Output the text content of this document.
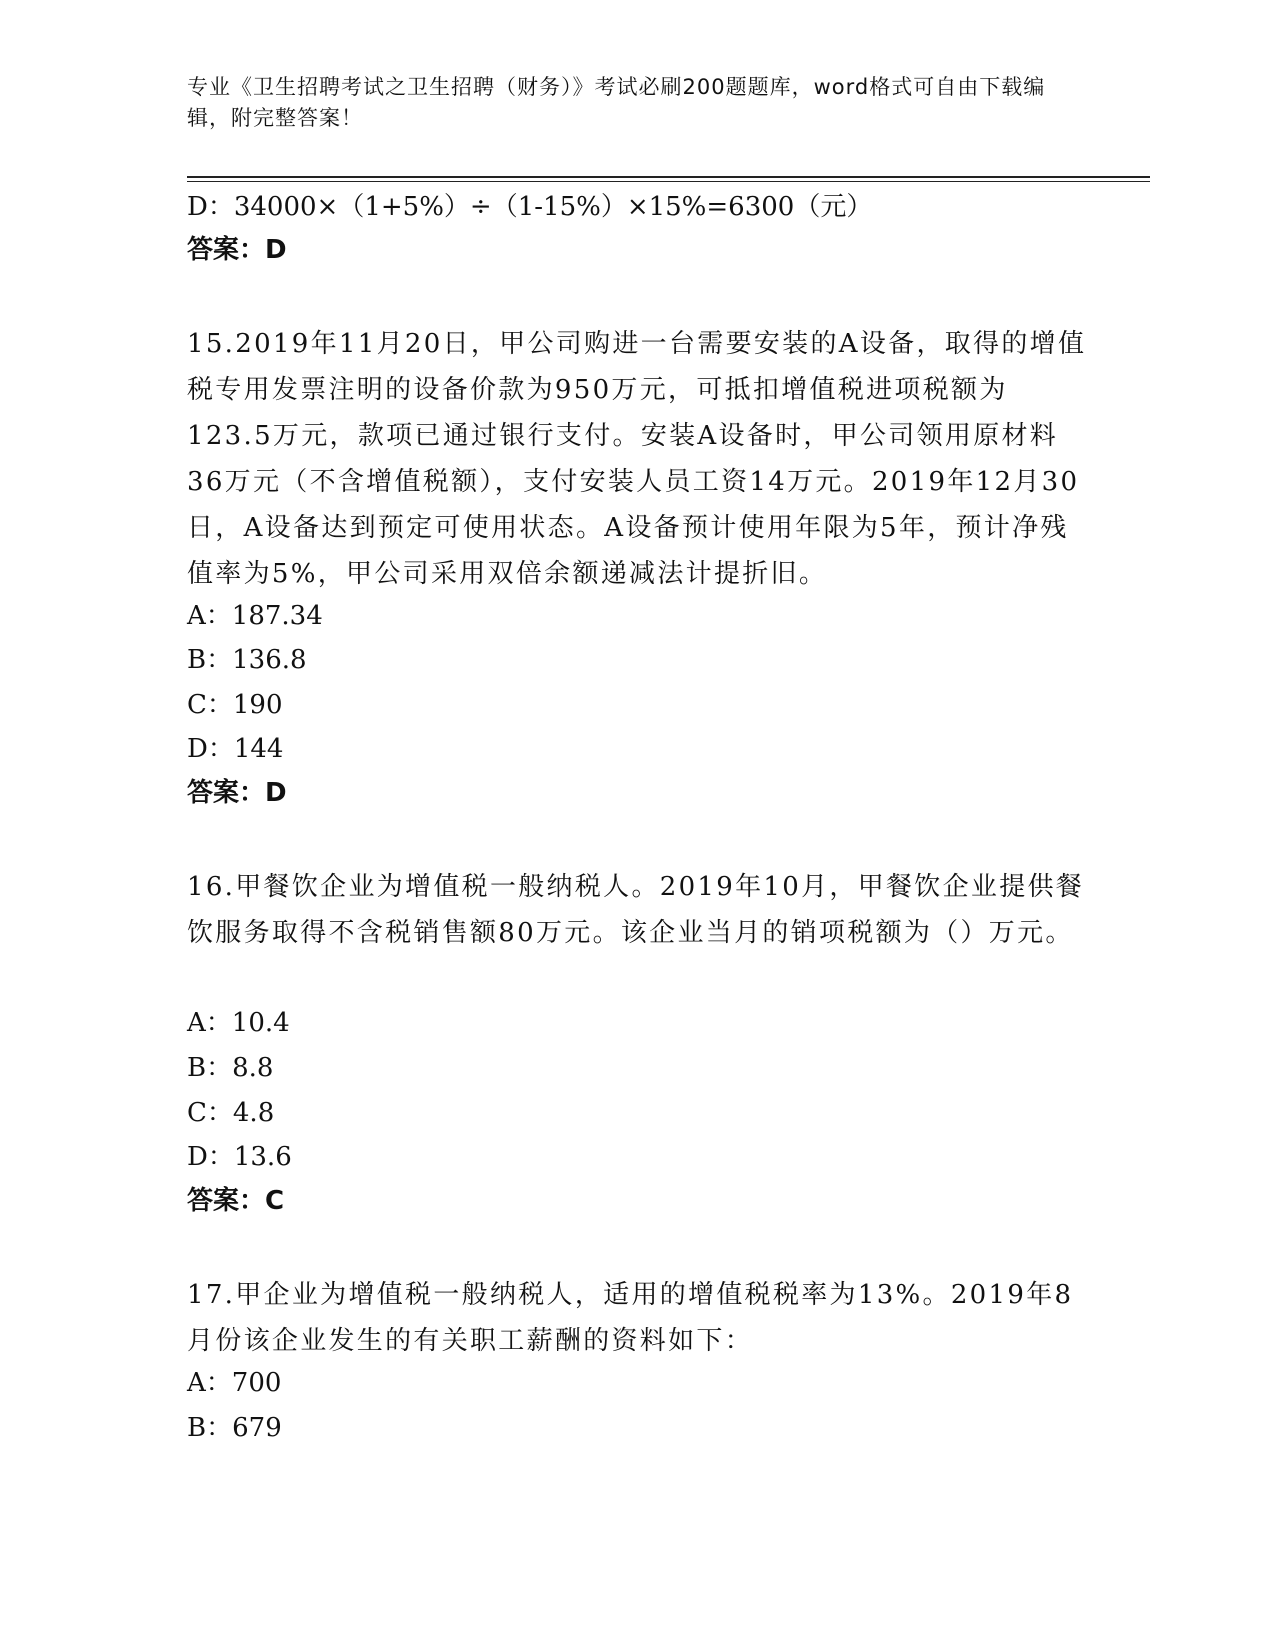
专业《卫生招聘考试之卫生招聘（财务）》考试必刷200题题库，word格式可自由下载编辑，附完整答案！
D：34000×（1+5%）÷（1-15%）×15%=6300（元）
答案：D
15.2019年11月20日，甲公司购进一台需要安装的A设备，取得的增值税专用发票注明的设备价款为950万元，可抵扣增值税进项税额为123.5万元，款项已通过银行支付。安装A设备时，甲公司领用原材料36万元（不含增值税额），支付安装人员工资14万元。2019年12月30日，A设备达到预定可使用状态。A设备预计使用年限为5年，预计净残值率为5%，甲公司采用双倍余额递减法计提折旧。
A：187.34
B：136.8
C：190
D：144
答案：D
16.甲餐饮企业为增值税一般纳税人。2019年10月，甲餐饮企业提供餐饮服务取得不含税销售额80万元。该企业当月的销项税额为（）万元。
A：10.4
B：8.8
C：4.8
D：13.6
答案：C
17.甲企业为增值税一般纳税人，适用的增值税税率为13%。2019年8月份该企业发生的有关职工薪酬的资料如下：
A：700
B：679
